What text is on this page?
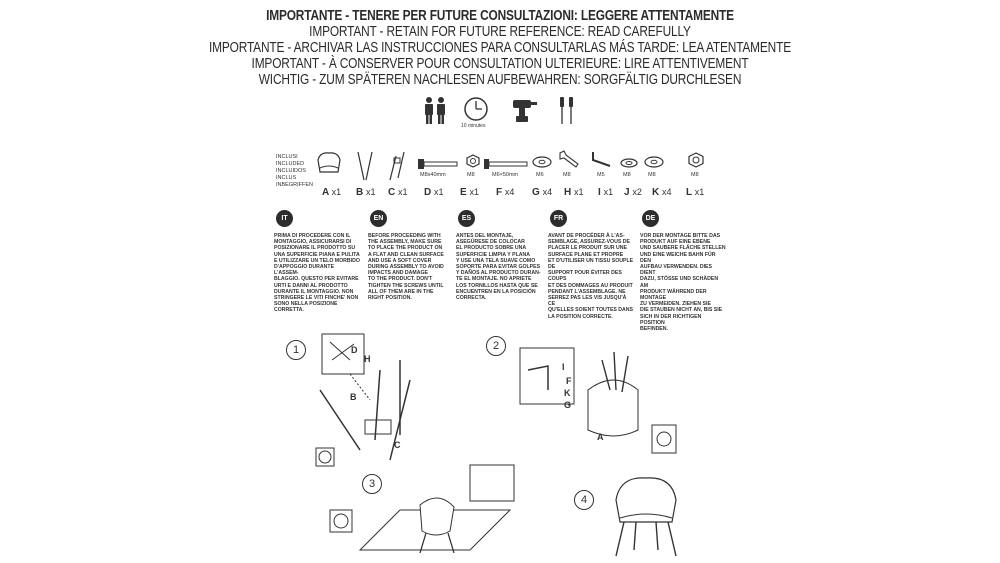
IMPORTANTE - TENERE PER FUTURE CONSULTAZIONI: LEGGERE ATTENTAMENTE
IMPORTANT - RETAIN FOR FUTURE REFERENCE: READ CAREFULLY
IMPORTANTE - ARCHIVAR LAS INSTRUCCIONES PARA CONSULTARLAS MÁS TARDE: LEA ATENTAMENTE
IMPORTANT - À CONSERVER POUR CONSULTATION ULTERIEURE: LIRE ATTENTIVEMENT
WICHTIG - ZUM SPÄTEREN NACHLESEN AUFBEWAHREN: SORGFÄLTIG DURCHLESEN
10 minutes
INCLUSI
INCLUDED
INCLUIDOS
INCLUS
INBEGRIFFEN
M8x40mm	M8	M6×50mm	M6	M8	M5	M8	M8	M8
A x1 B x1 C x1 D x1 E x1 F x4 G x4 H x1 I x1 J x2 K x4 L x1
IT
PRIMA DI PROCEDERE CON IL
MONTAGGIO, ASSICURARSI DI
POSIZIONARE IL PRODOTTO SU
UNA SUPERFICIE PIANA E PULITA
E UTILIZZARE UN TELO MORBIDO
D'APPOGGIO DURANTE L'ASSEM-
BLAGGIO. QUESTO PER EVITARE
URTI E DANNI AL PRODOTTO
DURANTE IL MONTAGGIO. NON
STRINGERE LE VITI FINCHE' NON
SONO NELLA POSIZIONE
CORRETTA.
EN
BEFORE PROCEEDING WITH
THE ASSEMBLY, MAKE SURE
TO PLACE THE PRODUCT ON
A FLAT AND CLEAN SURFACE
AND USE A SOFT COVER
DURING ASSEMBLY TO AVOID
IMPACTS AND DAMAGE
TO THE PRODUCT. DON'T
TIGHTEN THE SCREWS UNTIL
ALL OF THEM ARE IN THE
RIGHT POSITION.
ES
ANTES DEL MONTAJE,
ASEGÚRESE DE COLOCAR
EL PRODUCTO SOBRE UNA
SUPERFICIE LIMPIA Y PLANA
Y USE UNA TELA SUAVE COMO
SOPORTE PARA EVITAR GOLPES
Y DAÑOS AL PRODUCTO DURAN-
TE EL MONTAJE. NO APRIETE
LOS TORNILLOS HASTA QUE SE
ENCUENTREN EN LA POSICIÓN
CORRECTA.
FR
AVANT DE PROCÉDER À L'AS-
SEMBLAGE, ASSUREZ-VOUS DE
PLACER LE PRODUIT SUR UNE
SURFACE PLANE ET PROPRE
ET D'UTILISER UN TISSU SOUPLE DE
SUPPORT POUR ÉVITER DES COUPS
ET DES DOMMAGES AU PRODUIT
PENDANT L'ASSEMBLAGE. NE
SERREZ PAS LES VIS JUSQU'À CE
QU'ELLES SOIENT TOUTES DANS
LA POSITION CORRECTE.
DE
VOR DER MONTAGE BITTE DAS
PRODUKT AUF EINE EBENE
UND SAUBERE FLÄCHE STELLEN
UND EINE WEICHE BAHN FÜR DEN
AUFBAU VERWENDEN. DIES DIENT
DAZU, STÖSSE UND SCHÄDEN AM
PRODUKT WÄHREND DER MONTAGE
ZU VERMEIDEN. ZIEHEN SIE
DIE STAUBEN NICHT AN, BIS SIE
SICH IN DER RICHTIGEN POSITION
BEFINDEN.
1	D
H
B
C
2
I
F
K
G
A
3
4
